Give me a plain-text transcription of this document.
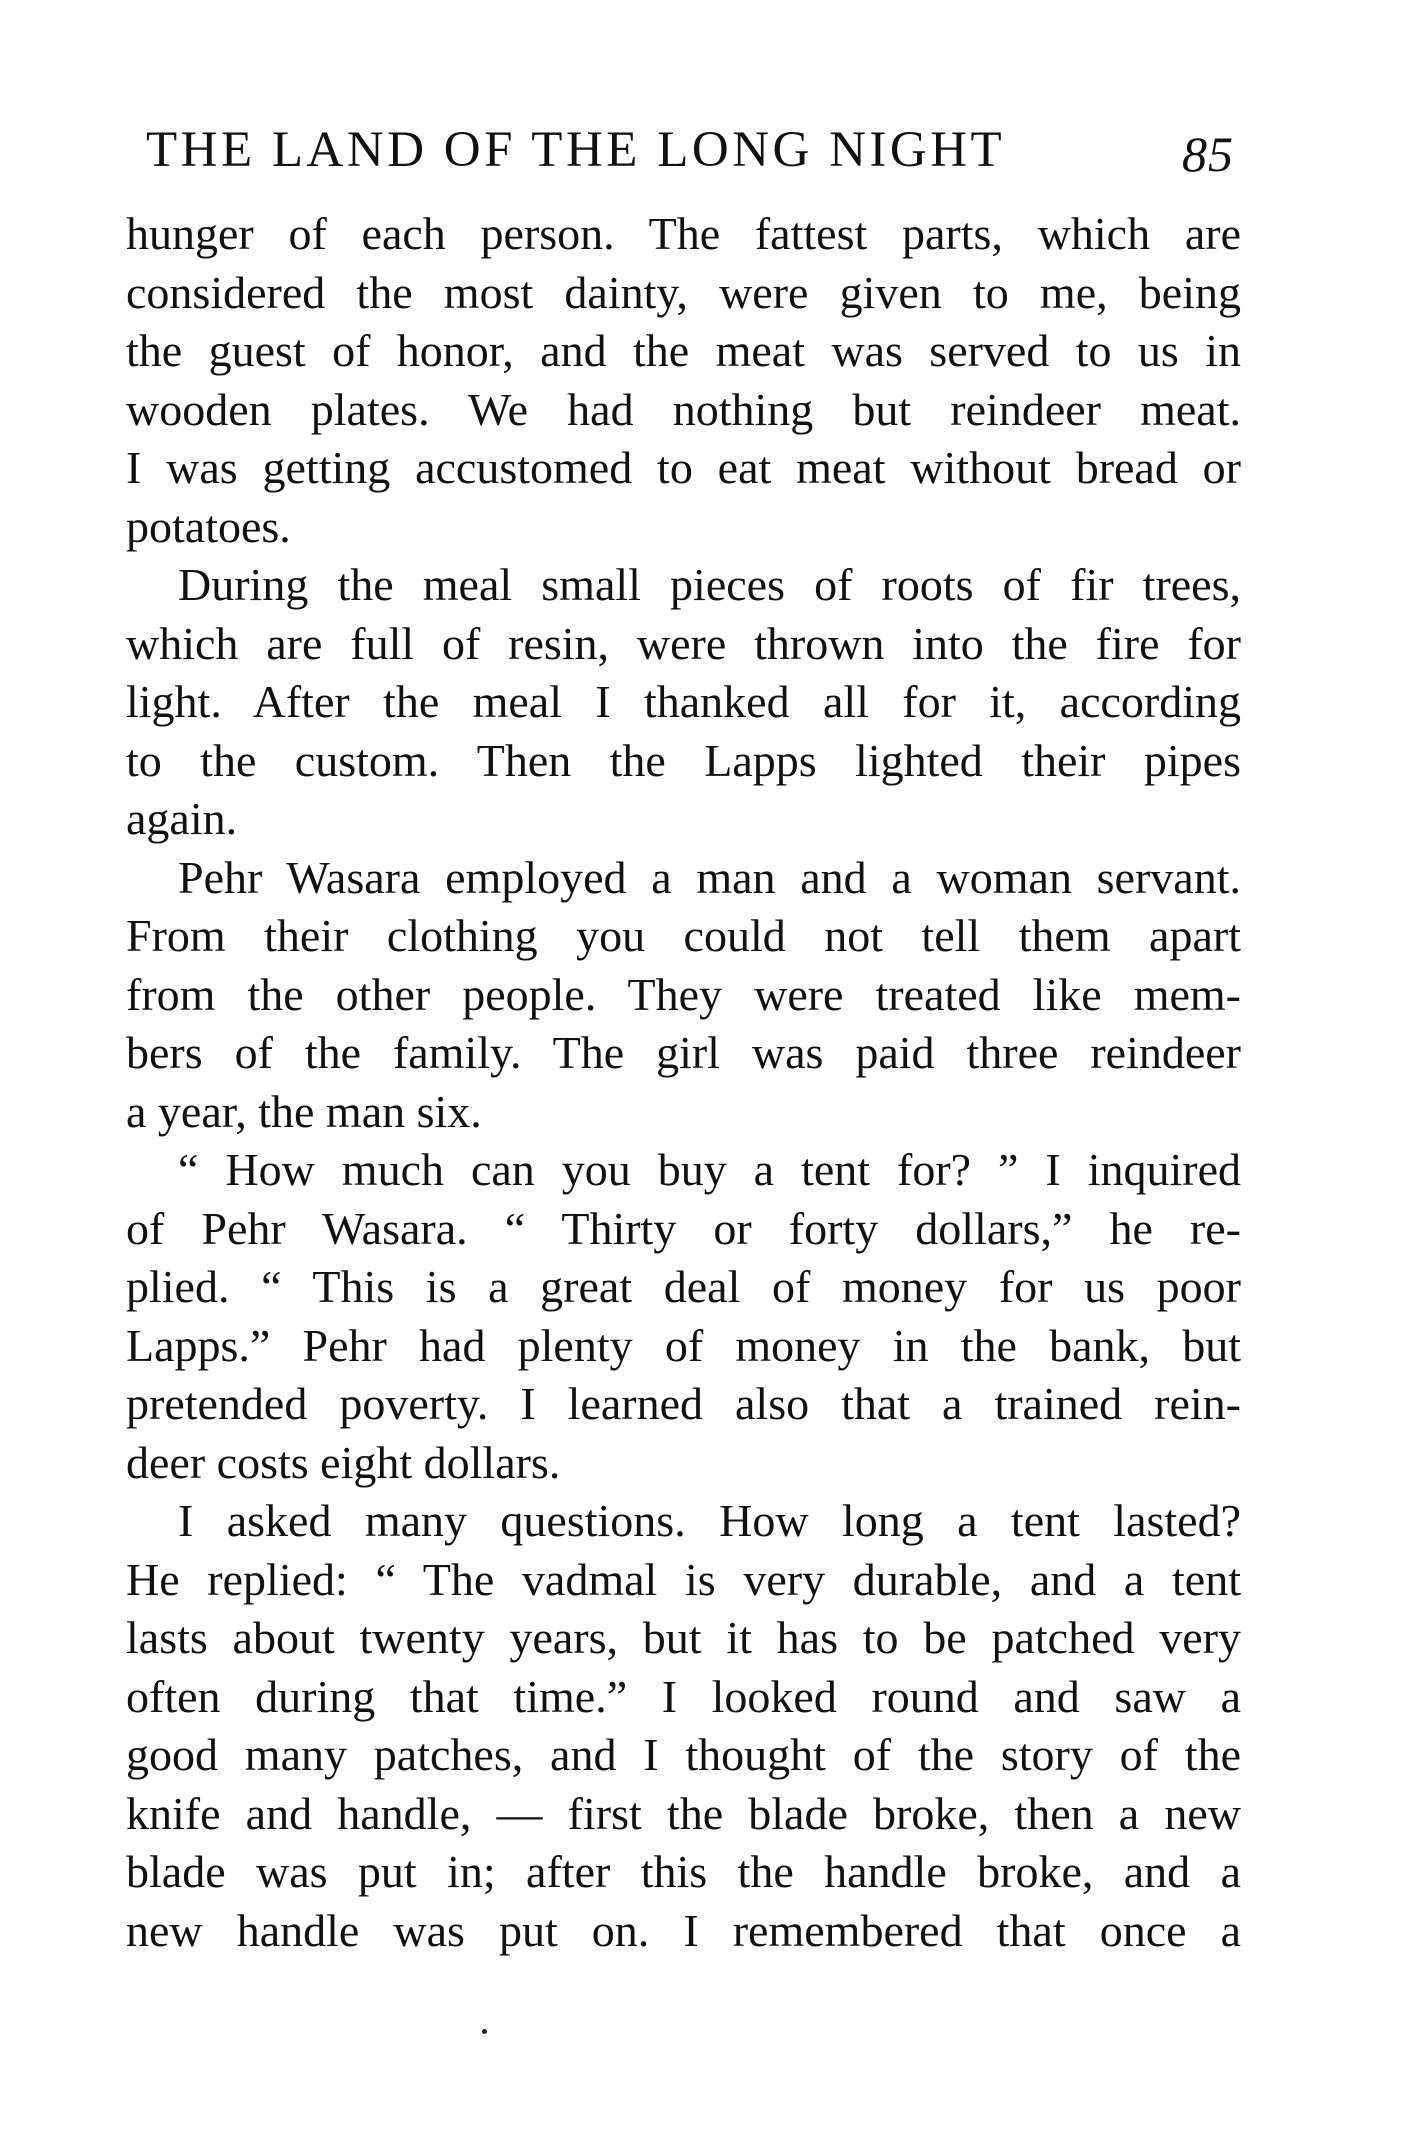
THE LAND OF THE LONG NIGHT	85
hunger of each person. The fattest parts, which are
considered the most dainty, were given to me, being
the guest of honor, and the meat was served to us in
wooden plates. We had nothing but reindeer meat.
I was getting accustomed to eat meat without bread or
potatoes.
During the meal small pieces of roots of fir trees,
which are full of resin, were thrown into the fire for
light. After the meal I thanked all for it, according
to the custom. Then the Lapps lighted their pipes
again.
Pehr Wasara employed a man and a woman servant.
From their clothing you could not tell them apart
from the other people. They were treated like mem-
bers of the family. The girl was paid three reindeer
a year, the man six.
“ How much can you buy a tent for? ” I inquired
of Pehr Wasara. “ Thirty or forty dollars,” he re-
plied. “ This is a great deal of money for us poor
Lapps.” Pehr had plenty of money in the bank, but
pretended poverty. I learned also that a trained rein-
deer costs eight dollars.
I asked many questions. How long a tent lasted?
He replied: “ The vadmal is very durable, and a tent
lasts about twenty years, but it has to be patched very
often during that time.” I looked round and saw a
good many patches, and I thought of the story of the
knife and handle, — first the blade broke, then a new
blade was put in; after this the handle broke, and a
new handle was put on. I remembered that once a
